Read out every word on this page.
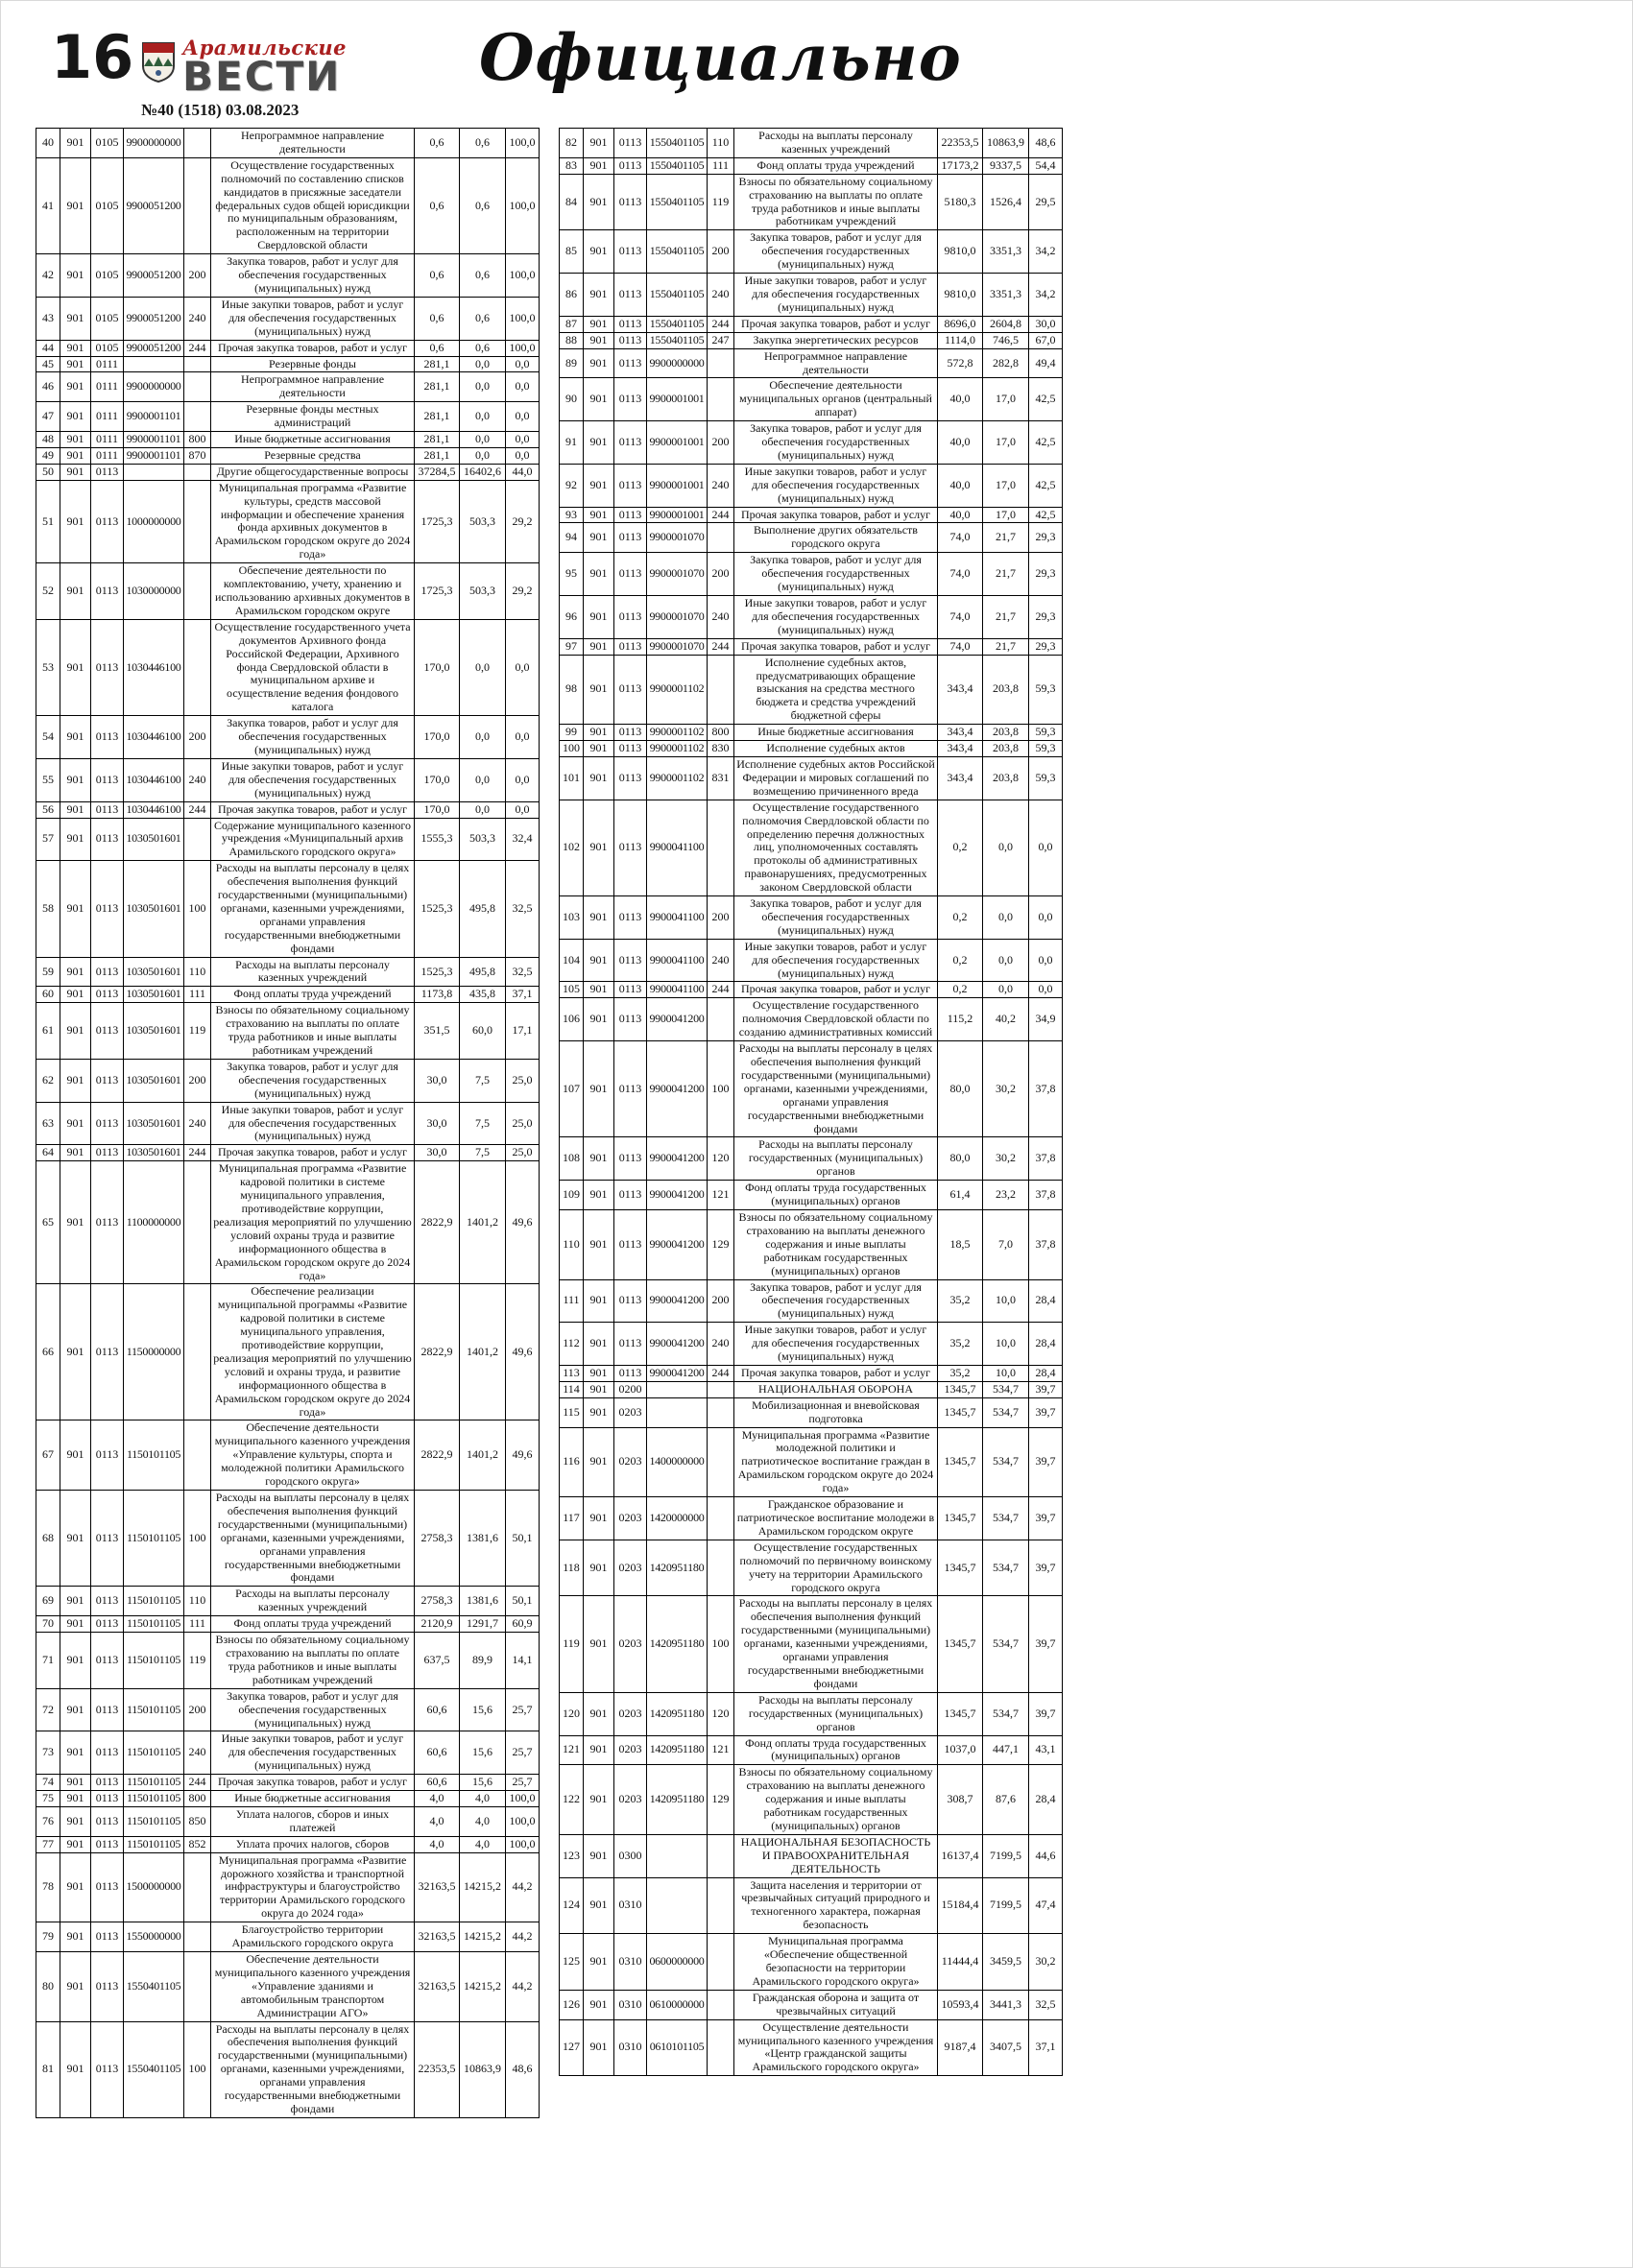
16 Арамильские
ВЕСТИ
№40 (1518) 03.08.2023
Официально
40	901	0105	9900000000		Непрограммное направление деятельности	0,6	0,6	100,0
41	901	0105	9900051200		Осуществление государственных полномочий по составлению списков кандидатов в присяжные заседатели федеральных судов общей юрисдикции по муниципальным образованиям, расположенным на территории Свердловской области	0,6	0,6	100,0
42	901	0105	9900051200	200	Закупка товаров, работ и услуг для обеспечения государственных (муниципальных) нужд	0,6	0,6	100,0
43	901	0105	9900051200	240	Иные закупки товаров, работ и услуг для обеспечения государственных (муниципальных) нужд	0,6	0,6	100,0
44	901	0105	9900051200	244	Прочая закупка товаров, работ и услуг	0,6	0,6	100,0
45	901	0111			Резервные фонды	281,1	0,0	0,0
46	901	0111	9900000000		Непрограммное направление деятельности	281,1	0,0	0,0
47	901	0111	9900001101		Резервные фонды местных администраций	281,1	0,0	0,0
48	901	0111	9900001101	800	Иные бюджетные ассигнования	281,1	0,0	0,0
49	901	0111	9900001101	870	Резервные средства	281,1	0,0	0,0
50	901	0113			Другие общегосударственные вопросы	37284,5	16402,6	44,0
51	901	0113	1000000000		Муниципальная программа «Развитие культуры, средств массовой информации и обеспечение хранения фонда архивных документов в Арамильском городском округе до 2024 года»	1725,3	503,3	29,2
52	901	0113	1030000000		Обеспечение деятельности по комплектованию, учету, хранению и использованию архивных документов в Арамильском городском округе	1725,3	503,3	29,2
53	901	0113	1030446100		Осуществление государственного учета документов Архивного фонда Российской Федерации, Архивного фонда Свердловской области в муниципальном архиве и осуществление ведения фондового каталога	170,0	0,0	0,0
54	901	0113	1030446100	200	Закупка товаров, работ и услуг для обеспечения государственных (муниципальных) нужд	170,0	0,0	0,0
55	901	0113	1030446100	240	Иные закупки товаров, работ и услуг для обеспечения государственных (муниципальных) нужд	170,0	0,0	0,0
56	901	0113	1030446100	244	Прочая закупка товаров, работ и услуг	170,0	0,0	0,0
57	901	0113	1030501601		Содержание муниципального казенного учреждения «Муниципальный архив Арамильского городского округа»	1555,3	503,3	32,4
58	901	0113	1030501601	100	Расходы на выплаты персоналу в целях обеспечения выполнения функций государственными (муниципальными) органами, казенными учреждениями, органами управления государственными внебюджетными фондами	1525,3	495,8	32,5
59	901	0113	1030501601	110	Расходы на выплаты персоналу казенных учреждений	1525,3	495,8	32,5
60	901	0113	1030501601	111	Фонд оплаты труда учреждений	1173,8	435,8	37,1
61	901	0113	1030501601	119	Взносы по обязательному социальному страхованию на выплаты по оплате труда работников и иные выплаты работникам учреждений	351,5	60,0	17,1
62	901	0113	1030501601	200	Закупка товаров, работ и услуг для обеспечения государственных (муниципальных) нужд	30,0	7,5	25,0
63	901	0113	1030501601	240	Иные закупки товаров, работ и услуг для обеспечения государственных (муниципальных) нужд	30,0	7,5	25,0
64	901	0113	1030501601	244	Прочая закупка товаров, работ и услуг	30,0	7,5	25,0
65	901	0113	1100000000		Муниципальная программа «Развитие кадровой политики в системе муниципального управления, противодействие коррупции, реализация мероприятий по улучшению условий охраны труда и развитие информационного общества в Арамильском городском округе до 2024 года»	2822,9	1401,2	49,6
66	901	0113	1150000000		Обеспечение реализации муниципальной программы «Развитие кадровой политики в системе муниципального управления, противодействие коррупции, реализация мероприятий по улучшению условий и охраны труда, и развитие информационного общества в Арамильском городском округе до 2024 года»	2822,9	1401,2	49,6
67	901	0113	1150101105		Обеспечение деятельности муниципального казенного учреждения «Управление культуры, спорта и молодежной политики Арамильского городского округа»	2822,9	1401,2	49,6
68	901	0113	1150101105	100	Расходы на выплаты персоналу в целях обеспечения выполнения функций государственными (муниципальными) органами, казенными учреждениями, органами управления государственными внебюджетными фондами	2758,3	1381,6	50,1
69	901	0113	1150101105	110	Расходы на выплаты персоналу казенных учреждений	2758,3	1381,6	50,1
70	901	0113	1150101105	111	Фонд оплаты труда учреждений	2120,9	1291,7	60,9
71	901	0113	1150101105	119	Взносы по обязательному социальному страхованию на выплаты по оплате труда работников и иные выплаты работникам учреждений	637,5	89,9	14,1
72	901	0113	1150101105	200	Закупка товаров, работ и услуг для обеспечения государственных (муниципальных) нужд	60,6	15,6	25,7
73	901	0113	1150101105	240	Иные закупки товаров, работ и услуг для обеспечения государственных (муниципальных) нужд	60,6	15,6	25,7
74	901	0113	1150101105	244	Прочая закупка товаров, работ и услуг	60,6	15,6	25,7
75	901	0113	1150101105	800	Иные бюджетные ассигнования	4,0	4,0	100,0
76	901	0113	1150101105	850	Уплата налогов, сборов и иных платежей	4,0	4,0	100,0
77	901	0113	1150101105	852	Уплата прочих налогов, сборов	4,0	4,0	100,0
78	901	0113	1500000000		Муниципальная программа «Развитие дорожного хозяйства и транспортной инфраструктуры и благоустройство территории Арамильского городского округа до 2024 года»	32163,5	14215,2	44,2
79	901	0113	1550000000		Благоустройство территории Арамильского городского округа	32163,5	14215,2	44,2
80	901	0113	1550401105		Обеспечение деятельности муниципального казенного учреждения «Управление зданиями и автомобильным транспортом Администрации АГО»	32163,5	14215,2	44,2
81	901	0113	1550401105	100	Расходы на выплаты персоналу в целях обеспечения выполнения функций государственными (муниципальными) органами, казенными учреждениями, органами управления государственными внебюджетными фондами	22353,5	10863,9	48,6
82	901	0113	1550401105	110	Расходы на выплаты персоналу казенных учреждений	22353,5	10863,9	48,6
83	901	0113	1550401105	111	Фонд оплаты труда учреждений	17173,2	9337,5	54,4
84	901	0113	1550401105	119	Взносы по обязательному социальному страхованию на выплаты по оплате труда работников и иные выплаты работникам учреждений	5180,3	1526,4	29,5
85	901	0113	1550401105	200	Закупка товаров, работ и услуг для обеспечения государственных (муниципальных) нужд	9810,0	3351,3	34,2
86	901	0113	1550401105	240	Иные закупки товаров, работ и услуг для обеспечения государственных (муниципальных) нужд	9810,0	3351,3	34,2
87	901	0113	1550401105	244	Прочая закупка товаров, работ и услуг	8696,0	2604,8	30,0
88	901	0113	1550401105	247	Закупка энергетических ресурсов	1114,0	746,5	67,0
89	901	0113	9900000000		Непрограммное направление деятельности	572,8	282,8	49,4
90	901	0113	9900001001		Обеспечение деятельности муниципальных органов (центральный аппарат)	40,0	17,0	42,5
91	901	0113	9900001001	200	Закупка товаров, работ и услуг для обеспечения государственных (муниципальных) нужд	40,0	17,0	42,5
92	901	0113	9900001001	240	Иные закупки товаров, работ и услуг для обеспечения государственных (муниципальных) нужд	40,0	17,0	42,5
93	901	0113	9900001001	244	Прочая закупка товаров, работ и услуг	40,0	17,0	42,5
94	901	0113	9900001070		Выполнение других обязательств городского округа	74,0	21,7	29,3
95	901	0113	9900001070	200	Закупка товаров, работ и услуг для обеспечения государственных (муниципальных) нужд	74,0	21,7	29,3
96	901	0113	9900001070	240	Иные закупки товаров, работ и услуг для обеспечения государственных (муниципальных) нужд	74,0	21,7	29,3
97	901	0113	9900001070	244	Прочая закупка товаров, работ и услуг	74,0	21,7	29,3
98	901	0113	9900001102		Исполнение судебных актов, предусматривающих обращение взыскания на средства местного бюджета и средства учреждений бюджетной сферы	343,4	203,8	59,3
99	901	0113	9900001102	800	Иные бюджетные ассигнования	343,4	203,8	59,3
100	901	0113	9900001102	830	Исполнение судебных актов	343,4	203,8	59,3
101	901	0113	9900001102	831	Исполнение судебных актов Российской Федерации и мировых соглашений по возмещению причиненного вреда	343,4	203,8	59,3
102	901	0113	9900041100		Осуществление государственного полномочия Свердловской области по определению перечня должностных лиц, уполномоченных составлять протоколы об административных правонарушениях, предусмотренных законом Свердловской области	0,2	0,0	0,0
103	901	0113	9900041100	200	Закупка товаров, работ и услуг для обеспечения государственных (муниципальных) нужд	0,2	0,0	0,0
104	901	0113	9900041100	240	Иные закупки товаров, работ и услуг для обеспечения государственных (муниципальных) нужд	0,2	0,0	0,0
105	901	0113	9900041100	244	Прочая закупка товаров, работ и услуг	0,2	0,0	0,0
106	901	0113	9900041200		Осуществление государственного полномочия Свердловской области по созданию административных комиссий	115,2	40,2	34,9
107	901	0113	9900041200	100	Расходы на выплаты персоналу в целях обеспечения выполнения функций государственными (муниципальными) органами, казенными учреждениями, органами управления государственными внебюджетными фондами	80,0	30,2	37,8
108	901	0113	9900041200	120	Расходы на выплаты персоналу государственных (муниципальных) органов	80,0	30,2	37,8
109	901	0113	9900041200	121	Фонд оплаты труда государственных (муниципальных) органов	61,4	23,2	37,8
110	901	0113	9900041200	129	Взносы по обязательному социальному страхованию на выплаты денежного содержания и иные выплаты работникам государственных (муниципальных) органов	18,5	7,0	37,8
111	901	0113	9900041200	200	Закупка товаров, работ и услуг для обеспечения государственных (муниципальных) нужд	35,2	10,0	28,4
112	901	0113	9900041200	240	Иные закупки товаров, работ и услуг для обеспечения государственных (муниципальных) нужд	35,2	10,0	28,4
113	901	0113	9900041200	244	Прочая закупка товаров, работ и услуг	35,2	10,0	28,4
114	901	0200			НАЦИОНАЛЬНАЯ ОБОРОНА	1345,7	534,7	39,7
115	901	0203			Мобилизационная и вневойсковая подготовка	1345,7	534,7	39,7
116	901	0203	1400000000		Муниципальная программа «Развитие молодежной политики и патриотическое воспитание граждан в Арамильском городском округе до 2024 года»	1345,7	534,7	39,7
117	901	0203	1420000000		Гражданское образование и патриотическое воспитание молодежи в Арамильском городском округе	1345,7	534,7	39,7
118	901	0203	1420951180		Осуществление государственных полномочий по первичному воинскому учету на территории Арамильского городского округа	1345,7	534,7	39,7
119	901	0203	1420951180	100	Расходы на выплаты персоналу в целях обеспечения выполнения функций государственными (муниципальными) органами, казенными учреждениями, органами управления государственными внебюджетными фондами	1345,7	534,7	39,7
120	901	0203	1420951180	120	Расходы на выплаты персоналу государственных (муниципальных) органов	1345,7	534,7	39,7
121	901	0203	1420951180	121	Фонд оплаты труда государственных (муниципальных) органов	1037,0	447,1	43,1
122	901	0203	1420951180	129	Взносы по обязательному социальному страхованию на выплаты денежного содержания и иные выплаты работникам государственных (муниципальных) органов	308,7	87,6	28,4
123	901	0300			НАЦИОНАЛЬНАЯ БЕЗОПАСНОСТЬ И ПРАВООХРАНИТЕЛЬНАЯ ДЕЯТЕЛЬНОСТЬ	16137,4	7199,5	44,6
124	901	0310			Защита населения и территории от чрезвычайных ситуаций природного и техногенного характера, пожарная безопасность	15184,4	7199,5	47,4
125	901	0310	0600000000		Муниципальная программа «Обеспечение общественной безопасности на территории Арамильского городского округа»	11444,4	3459,5	30,2
126	901	0310	0610000000		Гражданская оборона и защита от чрезвычайных ситуаций	10593,4	3441,3	32,5
127	901	0310	0610101105		Осуществление деятельности муниципального казенного учреждения «Центр гражданской защиты Арамильского городского округа»	9187,4	3407,5	37,1
